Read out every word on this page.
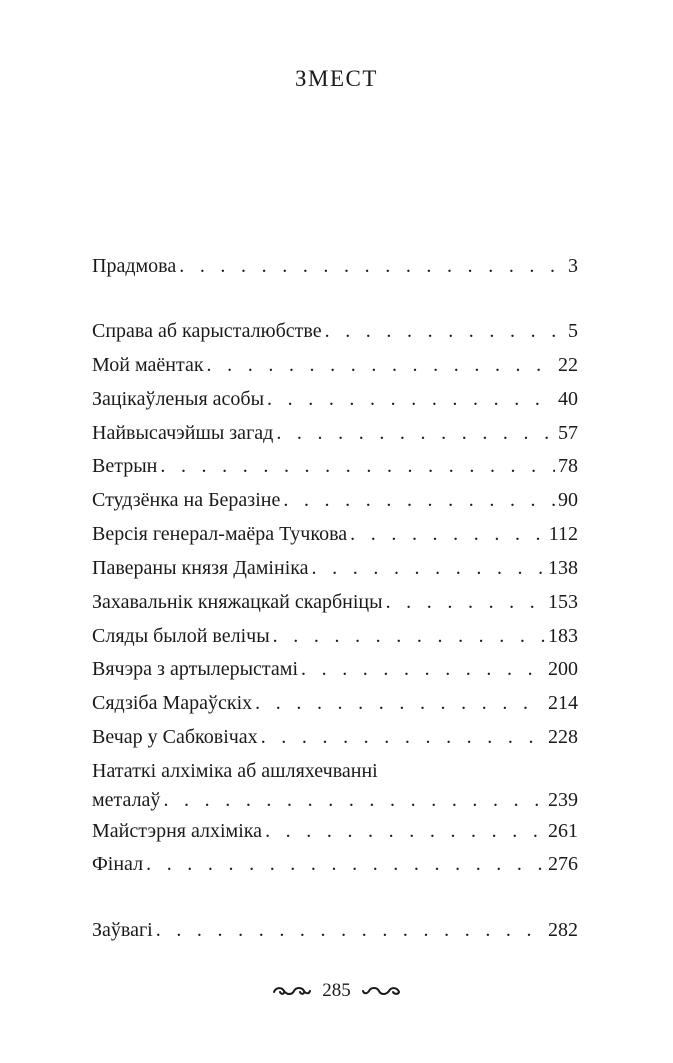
ЗМЕСТ
Прадмова . . .	3
Справа аб карысталюбстве . . .	5
Мой маёнтак . . .	22
Зацікаўленыя асобы . . .	40
Найвысачэйшы загад . . .	57
Ветрын . . .	78
Студзёнка на Беразіне . . .	90
Версія генерал-маёра Тучкова . . .	112
Павераны князя Дамініка . . .	138
Захавальнік княжацкай скарбніцы . . .	153
Сляды былой велічы . . .	183
Вячэра з артылерыстамі . . .	200
Сядзіба Мараўскіх . . .	214
Вечар у Сабковічах . . .	228
Нататкі алхіміка аб ашляхечванні
металаў . . .	239
Майстэрня алхіміка . . .	261
Фінал . . .	276
Заўвагі . . .	282
285
